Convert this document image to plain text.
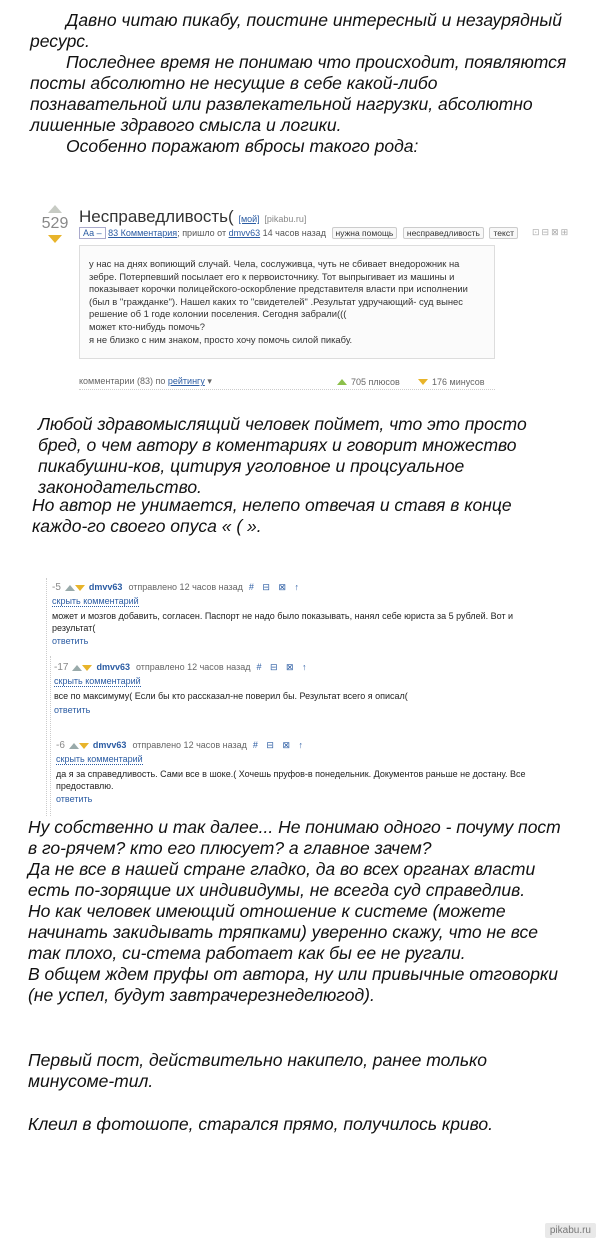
Давно читаю пикабу, поистине интересный и незаурядный ресурс.

Последнее время не понимаю что происходит, появляются посты абсолютно не несущие в себе какой-либо познавательной или развлекательной нагрузки, абсолютно лишенные здравого смысла и логики.

Особенно поражают вбросы такого рода:

529 Несправедливость( [мой] [pikabu.ru]
Аа – 83 Комментария; пришло от dmvv63 14 часов назад нужна помощь несправедливость текст	⊡⊟⊠⊞
у нас на днях вопиющий случай. Чела, сослуживца, чуть не сбивает внедорожник на
зебре. Потерпевший посылает его к первоисточнику. Тот выпрыгивает из машины и
показывает корочки полицейского-оскорбление представителя власти при исполнении
(был в "гражданке"). Нашел каких то "свидетелей" .Результат удручающий- суд вынес
решение об 1 годе колонии поселения. Сегодня забрали(((
может кто-нибудь помочь?
я не близко с ним знаком, просто хочу помочь силой пикабу.
комментарии (83) по рейтингу ▾	705 плюсов	176 минусов

Любой здравомыслящий человек поймет, что это просто бред, о чем автору в коментариях и говорит множество пикабушни-ков, цитируя уголовное и процсуальное законодательство.

Но автор не унимается, нелепо отвечая и ставя в конце каждо-го своего опуса « ( ».

-5	dmvv63 отправлено 12 часов назад # ⊟ ⊠ ↑
скрыть комментарий
может и мозгов добавить, согласен. Паспорт не надо было показывать, нанял себе юриста за 5 рублей. Вот и результат(
ответить
-17	dmvv63 отправлено 12 часов назад # ⊟ ⊠ ↑
скрыть комментарий
все по максимуму( Если бы кто рассказал-не поверил бы. Результат всего я описал(
ответить
-6	dmvv63 отправлено 12 часов назад # ⊟ ⊠ ↑
скрыть комментарий
да я за справедливость. Сами все в шоке.( Хочешь пруфов-в понедельник. Документов раньше не достану. Все предоставлю.
ответить

Ну собственно и так далее... Не понимаю одного - почуму пост в го-рячем? кто его плюсует? а главное зачем?

Да не все в нашей стране гладко, да во всех органах власти есть по-зорящие их индивидумы, не всегда суд справедлив.

Но как человек имеющий отношение к системе (можете начинать закидывать тряпками) уверенно скажу, что не все так плохо, си-стема работает как бы ее не ругали.

В общем ждем пруфы от автора, ну или привычные отговорки (не успел, будут завтрачерезнеделюгод).

Первый пост, действительно накипело, ранее только минусоме-тил.

Клеил в фотошопе, старался прямо, получилось криво.

pikabu.ru
